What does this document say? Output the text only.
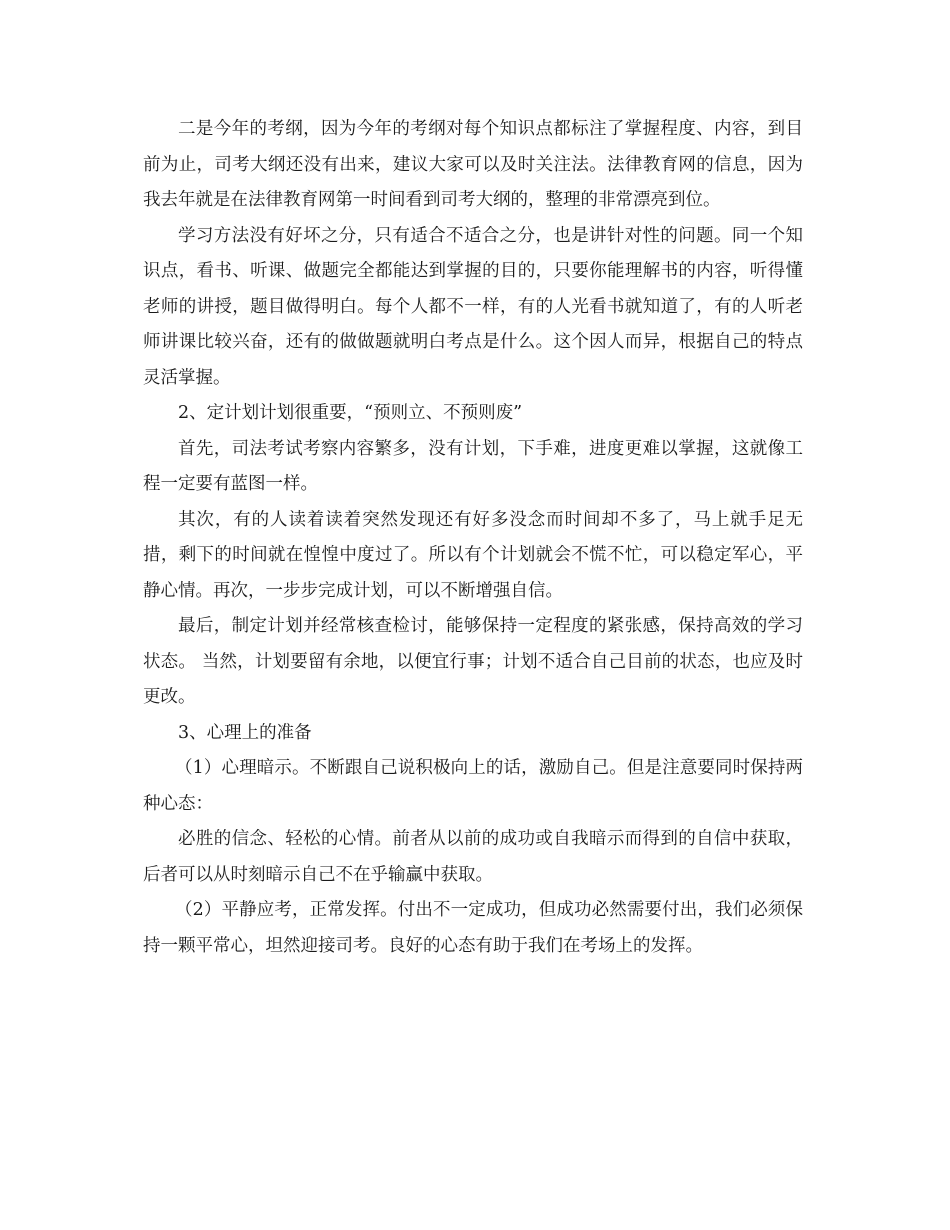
二是今年的考纲，因为今年的考纲对每个知识点都标注了掌握程度、内容，到目前为止，司考大纲还没有出来，建议大家可以及时关注法。法律教育网的信息，因为我去年就是在法律教育网第一时间看到司考大纲的，整理的非常漂亮到位。

学习方法没有好坏之分，只有适合不适合之分，也是讲针对性的问题。同一个知识点，看书、听课、做题完全都能达到掌握的目的，只要你能理解书的内容，听得懂老师的讲授，题目做得明白。每个人都不一样，有的人光看书就知道了，有的人听老师讲课比较兴奋，还有的做做题就明白考点是什么。这个因人而异，根据自己的特点灵活掌握。

2、定计划计划很重要，“预则立、不预则废”

首先，司法考试考察内容繁多，没有计划，下手难，进度更难以掌握，这就像工程一定要有蓝图一样。

其次，有的人读着读着突然发现还有好多没念而时间却不多了，马上就手足无措，剩下的时间就在惶惶中度过了。所以有个计划就会不慌不忙，可以稳定军心，平静心情。再次，一步步完成计划，可以不断增强自信。

最后，制定计划并经常核查检讨，能够保持一定程度的紧张感，保持高效的学习状态。 当然，计划要留有余地，以便宜行事；计划不适合自己目前的状态，也应及时更改。

3、心理上的准备

（1）心理暗示。不断跟自己说积极向上的话，激励自己。但是注意要同时保持两种心态：

必胜的信念、轻松的心情。前者从以前的成功或自我暗示而得到的自信中获取，后者可以从时刻暗示自己不在乎输赢中获取。

（2）平静应考，正常发挥。付出不一定成功，但成功必然需要付出，我们必须保持一颗平常心，坦然迎接司考。良好的心态有助于我们在考场上的发挥。
